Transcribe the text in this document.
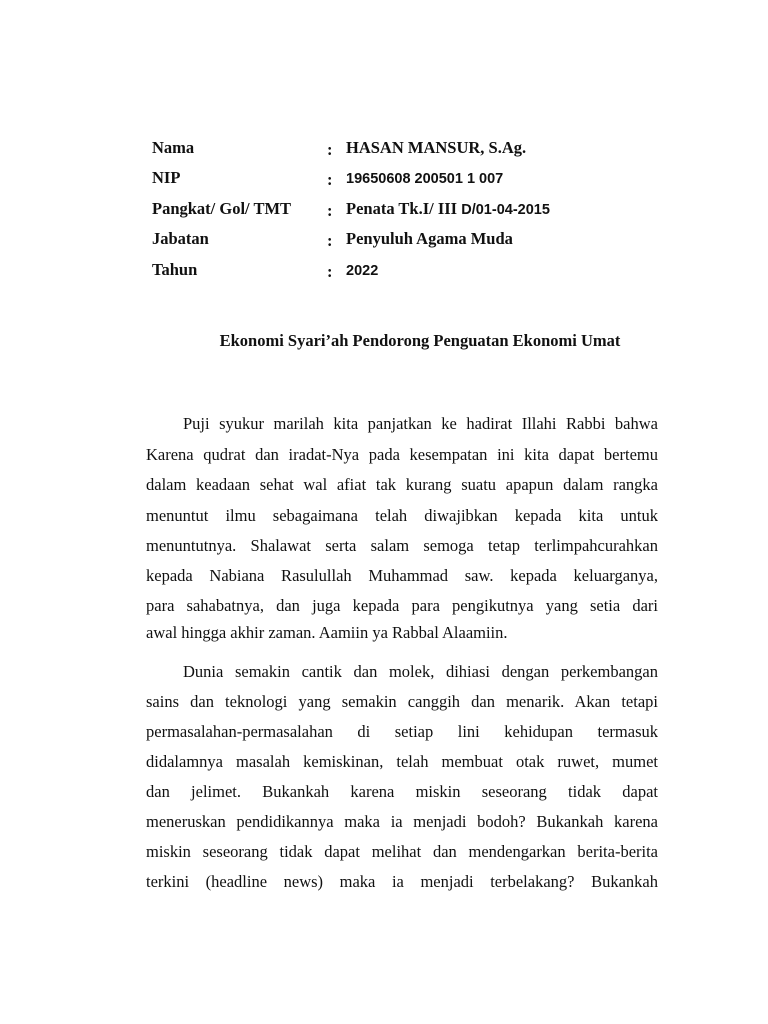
Nama	: HASAN MANSUR, S.Ag.
NIP	: 19650608 200501 1 007
Pangkat/ Gol/ TMT : Penata Tk.I/ III D/01-04-2015
Jabatan	: Penyuluh Agama Muda
Tahun	: 2022
Ekonomi Syari’ah Pendorong Penguatan Ekonomi Umat
Puji syukur marilah kita panjatkan ke hadirat Illahi Rabbi bahwa
Karena qudrat dan iradat-Nya pada kesempatan ini kita dapat bertemu
dalam keadaan sehat wal afiat tak kurang suatu apapun dalam rangka
menuntut ilmu sebagaimana telah diwajibkan kepada kita untuk
menuntutnya. Shalawat serta salam semoga tetap terlimpahcurahkan
kepada Nabiana Rasulullah Muhammad saw. kepada keluarganya,
para sahabatnya, dan juga kepada para pengikutnya yang setia dari
awal hingga akhir zaman. Aamiin ya Rabbal Alaamiin.
Dunia semakin cantik dan molek, dihiasi dengan perkembangan
sains dan teknologi yang semakin canggih dan menarik. Akan tetapi
permasalahan-permasalahan di setiap lini kehidupan termasuk
didalamnya masalah kemiskinan, telah membuat otak ruwet, mumet
dan jelimet. Bukankah karena miskin seseorang tidak dapat
meneruskan pendidikannya maka ia menjadi bodoh? Bukankah karena
miskin seseorang tidak dapat melihat dan mendengarkan berita-berita
terkini (headline news) maka ia menjadi terbelakang? Bukankah
